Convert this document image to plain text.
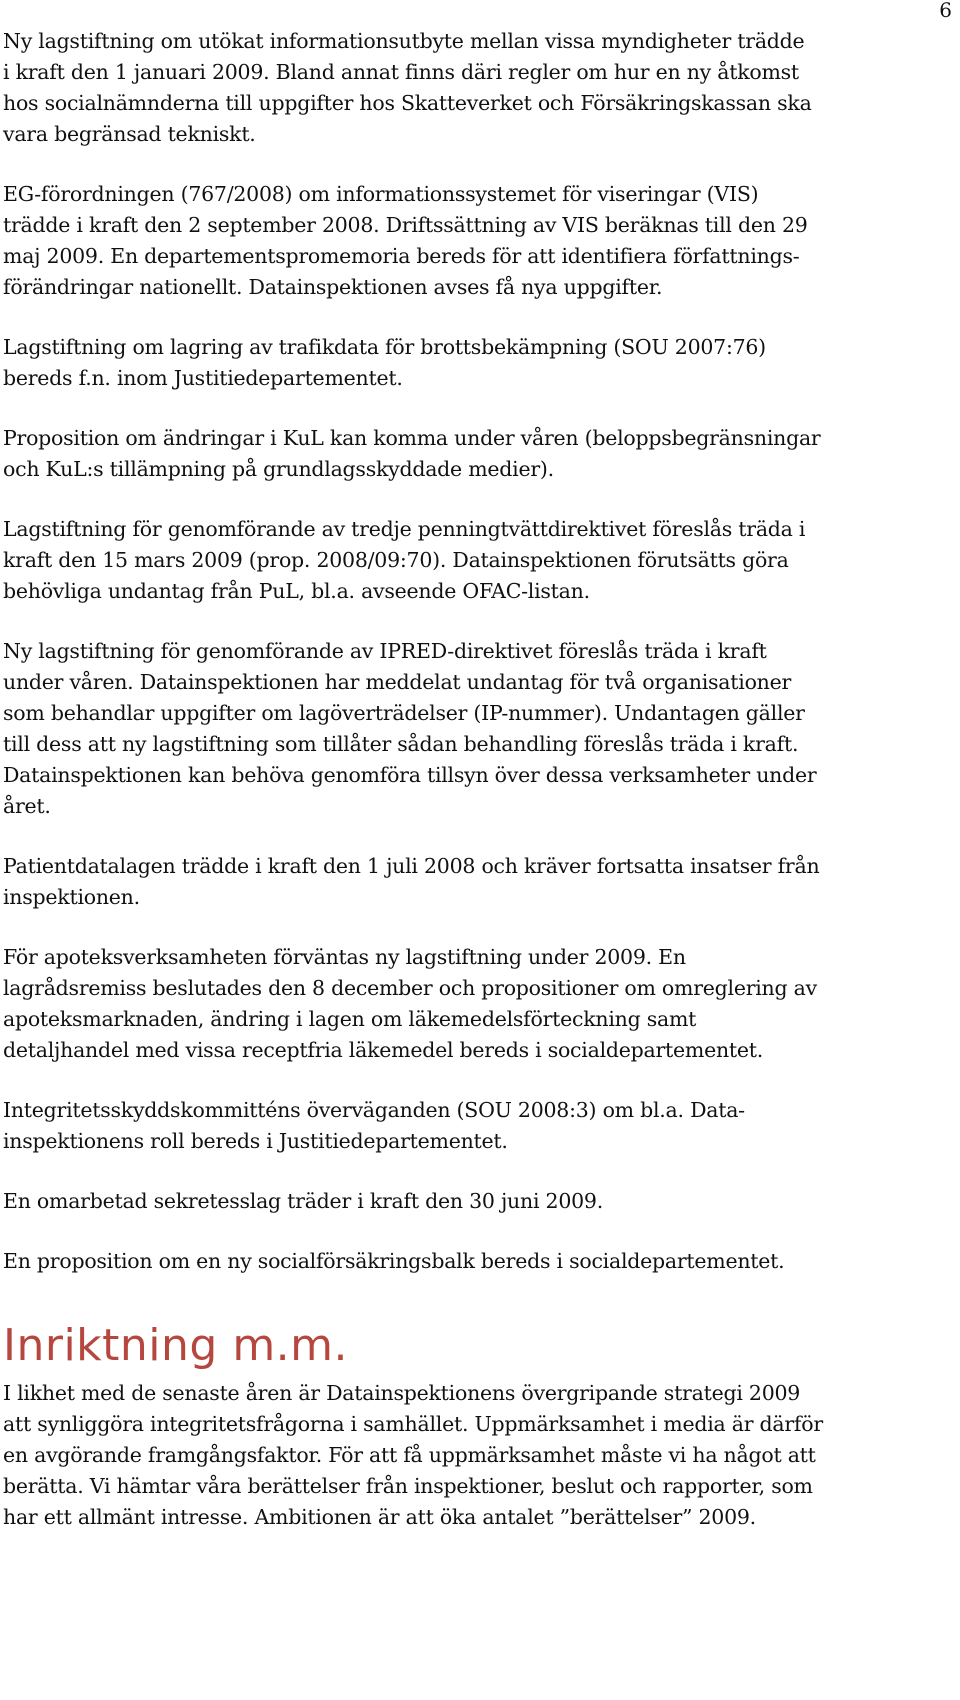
6

Ny lagstiftning om utökat informationsutbyte mellan vissa myndigheter trädde
i kraft den 1 januari 2009. Bland annat finns däri regler om hur en ny åtkomst
hos socialnämnderna till uppgifter hos Skatteverket och Försäkringskassan ska
vara begränsad tekniskt.

EG-förordningen (767/2008) om informationssystemet för viseringar (VIS)
trädde i kraft den 2 september 2008. Driftssättning av VIS beräknas till den 29
maj 2009. En departementspromemoria bereds för att identifiera författnings-
förändringar nationellt. Datainspektionen avses få nya uppgifter.

Lagstiftning om lagring av trafikdata för brottsbekämpning (SOU 2007:76)
bereds f.n. inom Justitiedepartementet.

Proposition om ändringar i KuL kan komma under våren (beloppsbegränsningar
och KuL:s tillämpning på grundlagsskyddade medier).

Lagstiftning för genomförande av tredje penningtvättdirektivet föreslås träda i
kraft den 15 mars 2009 (prop. 2008/09:70). Datainspektionen förutsätts göra
behövliga undantag från PuL, bl.a. avseende OFAC-listan.

Ny lagstiftning för genomförande av IPRED-direktivet föreslås träda i kraft
under våren. Datainspektionen har meddelat undantag för två organisationer
som behandlar uppgifter om lagöverträdelser (IP-nummer). Undantagen gäller
till dess att ny lagstiftning som tillåter sådan behandling föreslås träda i kraft.
Datainspektionen kan behöva genomföra tillsyn över dessa verksamheter under
året.

Patientdatalagen trädde i kraft den 1 juli 2008 och kräver fortsatta insatser från
inspektionen.

För apoteksverksamheten förväntas ny lagstiftning under 2009. En
lagrådsremiss beslutades den 8 december och propositioner om omreglering av
apoteksmarknaden, ändring i lagen om läkemedelsförteckning samt
detaljhandel med vissa receptfria läkemedel bereds i socialdepartementet.

Integritetsskyddskommitténs överväganden (SOU 2008:3) om bl.a. Data-
inspektionens roll bereds i Justitiedepartementet.

En omarbetad sekretesslag träder i kraft den 30 juni 2009.

En proposition om en ny socialförsäkringsbalk bereds i socialdepartementet.

Inriktning m.m.

I likhet med de senaste åren är Datainspektionens övergripande strategi 2009
att synliggöra integritetsfrågorna i samhället. Uppmärksamhet i media är därför
en avgörande framgångsfaktor. För att få uppmärksamhet måste vi ha något att
berätta. Vi hämtar våra berättelser från inspektioner, beslut och rapporter, som
har ett allmänt intresse. Ambitionen är att öka antalet ”berättelser” 2009.
